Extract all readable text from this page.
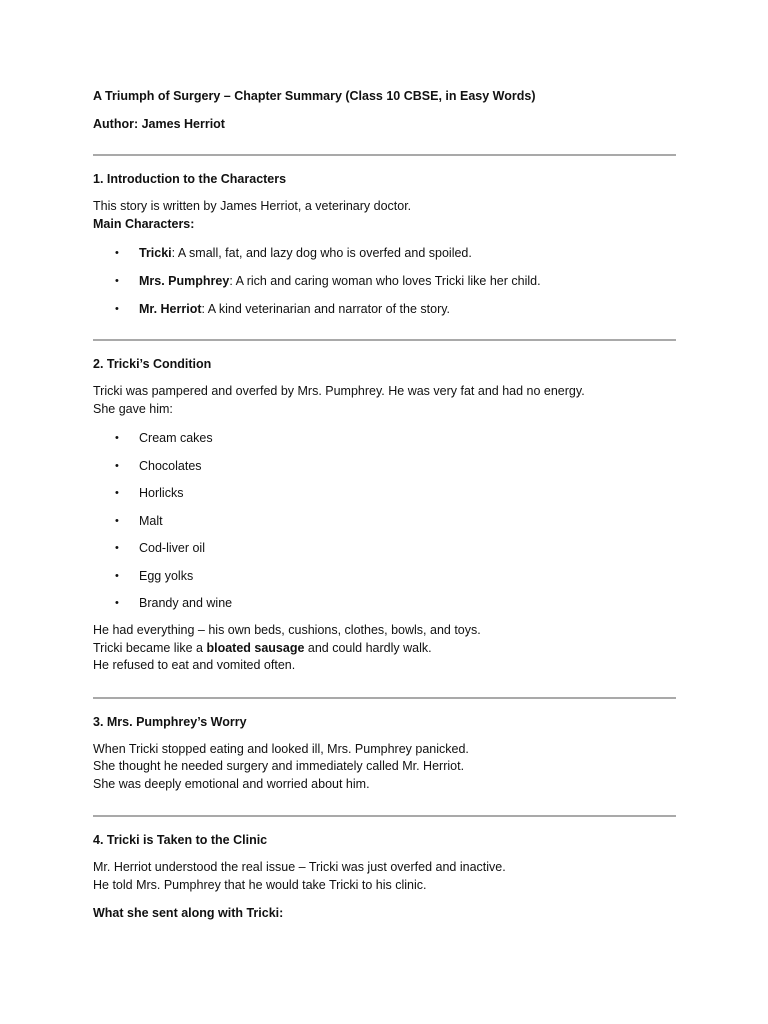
A Triumph of Surgery – Chapter Summary (Class 10 CBSE, in Easy Words)

Author: James Herriot

1. Introduction to the Characters

This story is written by James Herriot, a veterinary doctor.

Main Characters:

• Tricki: A small, fat, and lazy dog who is overfed and spoiled.
• Mrs. Pumphrey: A rich and caring woman who loves Tricki like her child.
• Mr. Herriot: A kind veterinarian and narrator of the story.
2. Tricki’s Condition

Tricki was pampered and overfed by Mrs. Pumphrey. He was very fat and had no energy.

She gave him:

• Cream cakes
• Chocolates
• Horlicks
• Malt
• Cod-liver oil
• Egg yolks
• Brandy and wine

He had everything – his own beds, cushions, clothes, bowls, and toys.

Tricki became like a bloated sausage and could hardly walk.

He refused to eat and vomited often.

3. Mrs. Pumphrey’s Worry

When Tricki stopped eating and looked ill, Mrs. Pumphrey panicked.

She thought he needed surgery and immediately called Mr. Herriot.

She was deeply emotional and worried about him.

4. Tricki is Taken to the Clinic

Mr. Herriot understood the real issue – Tricki was just overfed and inactive.

He told Mrs. Pumphrey that he would take Tricki to his clinic.

What she sent along with Tricki:
